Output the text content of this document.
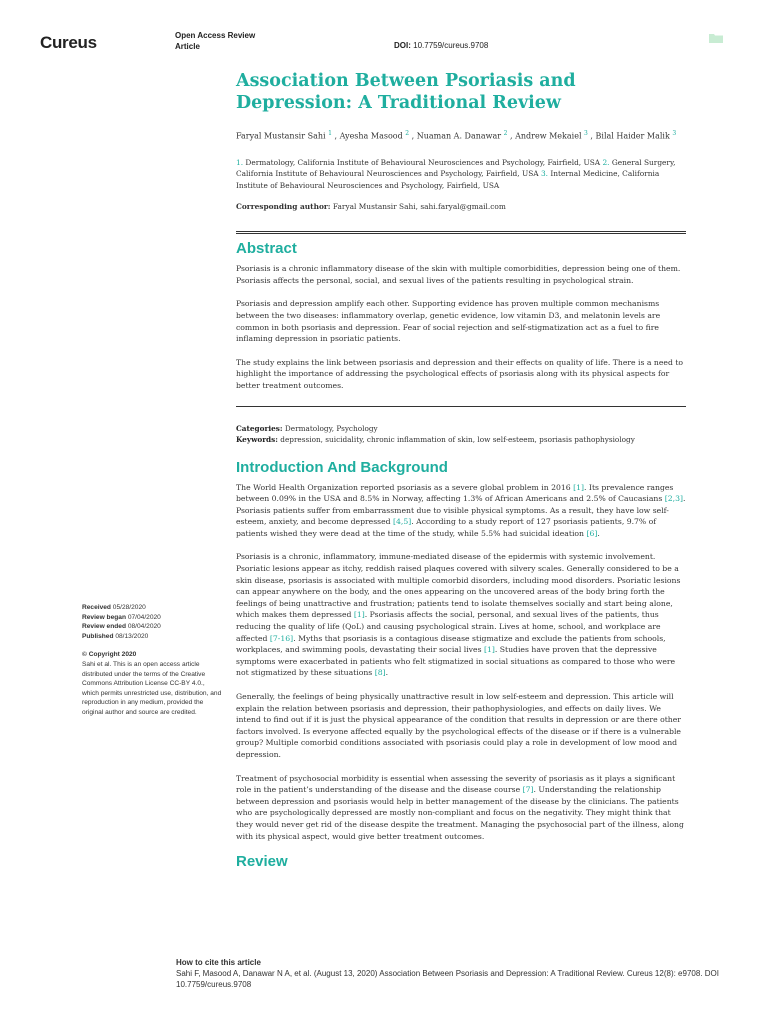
Cureus	Open Access Review
Article	DOI: 10.7759/cureus.9708
Association Between Psoriasis and Depression: A Traditional Review
Faryal Mustansir Sahi $^1$ , Ayesha Masood $^2$ , Nuaman A. Danawar $^2$ , Andrew Mekaiel $^3$ , Bilal Haider Malik $^3$
1. Dermatology, California Institute of Behavioural Neurosciences and Psychology, Fairfield, USA 2. General Surgery, California Institute of Behavioural Neurosciences and Psychology, Fairfield, USA 3. Internal Medicine, California Institute of Behavioural Neurosciences and Psychology, Fairfield, USA
Corresponding author: Faryal Mustansir Sahi, sahi.faryal@gmail.com
Abstract

Psoriasis is a chronic inflammatory disease of the skin with multiple comorbidities, depression being one of them. Psoriasis affects the personal, social, and sexual lives of the patients resulting in psychological strain.

Psoriasis and depression amplify each other. Supporting evidence has proven multiple common mechanisms between the two diseases: inflammatory overlap, genetic evidence, low vitamin D3, and melatonin levels are common in both psoriasis and depression. Fear of social rejection and self-stigmatization act as a fuel to fire inflaming depression in psoriatic patients.

The study explains the link between psoriasis and depression and their effects on quality of life. There is a need to highlight the importance of addressing the psychological effects of psoriasis along with its physical aspects for better treatment outcomes.

Categories: Dermatology, Psychology
Keywords: depression, suicidality, chronic inflammation of skin, low self-esteem, psoriasis pathophysiology
Introduction And Background

The World Health Organization reported psoriasis as a severe global problem in 2016 [1]. Its prevalence ranges between 0.09% in the USA and 8.5% in Norway, affecting 1.3% of African Americans and 2.5% of Caucasians [2,3]. Psoriasis patients suffer from embarrassment due to visible physical symptoms. As a result, they have low self-esteem, anxiety, and become depressed [4,5]. According to a study report of 127 psoriasis patients, 9.7% of patients wished they were dead at the time of the study, while 5.5% had suicidal ideation [6].

Psoriasis is a chronic, inflammatory, immune-mediated disease of the epidermis with systemic involvement. Psoriatic lesions appear as itchy, reddish raised plaques covered with silvery scales. Generally considered to be a skin disease, psoriasis is associated with multiple comorbid disorders, including mood disorders. Psoriatic lesions can appear anywhere on the body, and the ones appearing on the uncovered areas of the body bring forth the feelings of being unattractive and frustration; patients tend to isolate themselves socially and start being alone, which makes them depressed [1]. Psoriasis affects the social, personal, and sexual lives of the patients, thus reducing the quality of life (QoL) and causing psychological strain. Lives at home, school, and workplace are affected [7-16]. Myths that psoriasis is a contagious disease stigmatize and exclude the patients from schools, workplaces, and swimming pools, devastating their social lives [1]. Studies have proven that the depressive symptoms were exacerbated in patients who felt stigmatized in social situations as compared to those who were not stigmatized by these situations [8].

Generally, the feelings of being physically unattractive result in low self-esteem and depression. This article will explain the relation between psoriasis and depression, their pathophysiologies, and effects on daily lives. We intend to find out if it is just the physical appearance of the condition that results in depression or are there other factors involved. Is everyone affected equally by the psychological effects of the disease or if there is a vulnerable group? Multiple comorbid conditions associated with psoriasis could play a role in development of low mood and depression.

Treatment of psychosocial morbidity is essential when assessing the severity of psoriasis as it plays a significant role in the patient’s understanding of the disease and the disease course [7]. Understanding the relationship between depression and psoriasis would help in better management of the disease by the clinicians. The patients who are psychologically depressed are mostly non-compliant and focus on the negativity. They might think that they would never get rid of the disease despite the treatment. Managing the psychosocial part of the illness, along with its physical aspect, would give better treatment outcomes.

Review
Received 05/28/2020
Review began 07/04/2020
Review ended 08/04/2020
Published 08/13/2020
© Copyright 2020
Sahi et al. This is an open access article distributed under the terms of the Creative Commons Attribution License CC-BY 4.0., which permits unrestricted use, distribution, and reproduction in any medium, provided the original author and source are credited.
How to cite this article
Sahi F, Masood A, Danawar N A, et al. (August 13, 2020) Association Between Psoriasis and Depression: A Traditional Review. Cureus 12(8): e9708. DOI 10.7759/cureus.9708
